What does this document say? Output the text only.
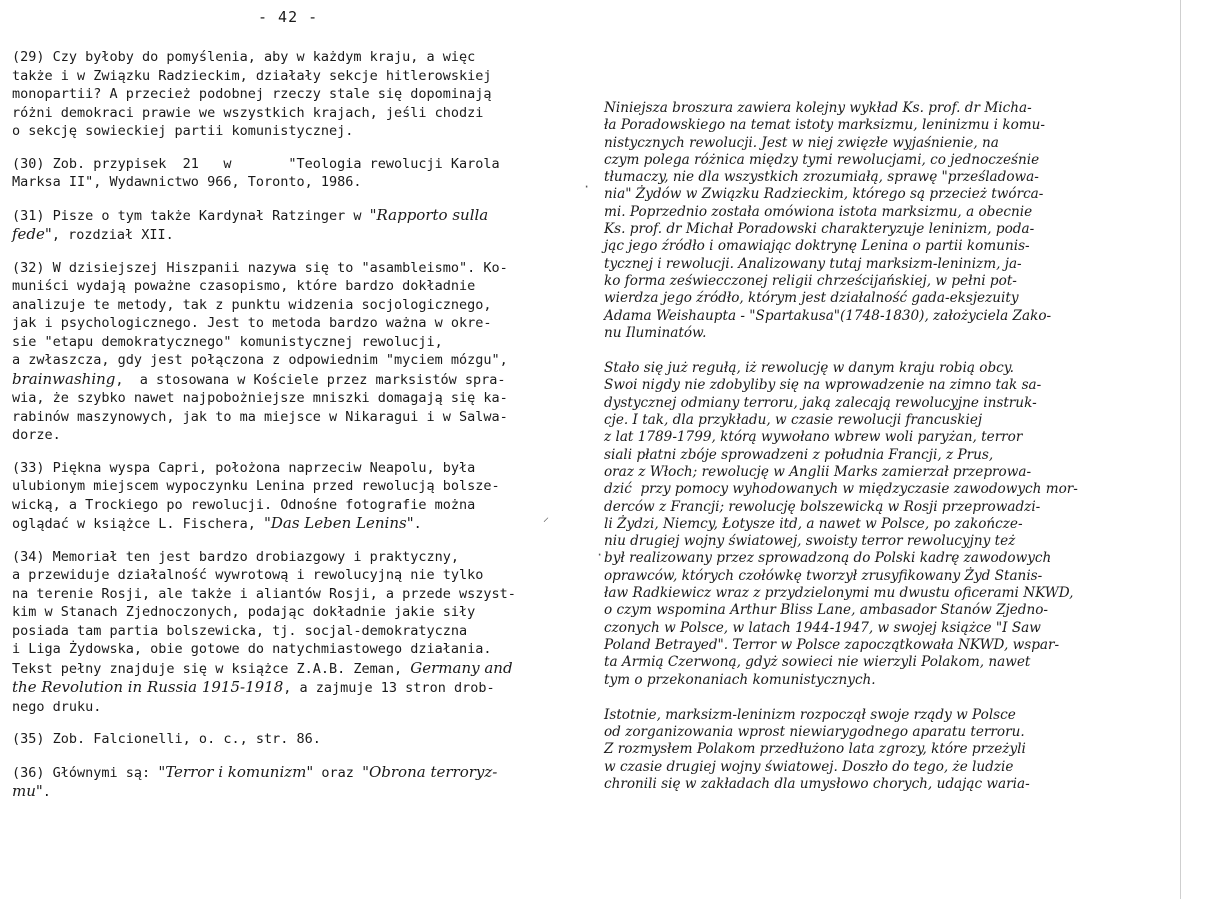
- 42 -

(29) Czy byłoby do pomyślenia, aby w każdym kraju, a więc
także i w Związku Radzieckim, działały sekcje hitlerowskiej
monopartii? A przecież podobnej rzeczy stale się dopominają
różni demokraci prawie we wszystkich krajach, jeśli chodzi
o sekcję sowieckiej partii komunistycznej.

(30) Zob. przypisek  21   w       "Teologia rewolucji Karola
Marksa II", Wydawnictwo 966, Toronto, 1986.

(31) Pisze o tym także Kardynał Ratzinger w "Rapporto sulla
fede", rozdział XII.

(32) W dzisiejszej Hiszpanii nazywa się to "asambleismo". Ko-
muniści wydają poważne czasopismo, które bardzo dokładnie
analizuje te metody, tak z punktu widzenia socjologicznego,
jak i psychologicznego. Jest to metoda bardzo ważna w okre-
sie "etapu demokratycznego" komunistycznej rewolucji,
a zwłaszcza, gdy jest połączona z odpowiednim "myciem mózgu",
brainwashing,  a stosowana w Kościele przez marksistów spra-
wia, że szybko nawet najpobożniejsze mniszki domagają się ka-
rabinów maszynowych, jak to ma miejsce w Nikaragui i w Salwa-
dorze.

(33) Piękna wyspa Capri, położona naprzeciw Neapolu, była
ulubionym miejscem wypoczynku Lenina przed rewolucją bolsze-
wicką, a Trockiego po rewolucji. Odnośne fotografie można
oglądać w książce L. Fischera, "Das Leben Lenins".

(34) Memoriał ten jest bardzo drobiazgowy i praktyczny,
a przewiduje działalność wywrotową i rewolucyjną nie tylko
na terenie Rosji, ale także i aliantów Rosji, a przede wszyst-
kim w Stanach Zjednoczonych, podając dokładnie jakie siły
posiada tam partia bolszewicka, tj. socjal-demokratyczna
i Liga Żydowska, obie gotowe do natychmiastowego działania.
Tekst pełny znajduje się w książce Z.A.B. Zeman, Germany and
the Revolution in Russia 1915-1918, a zajmuje 13 stron drob-
nego druku.

(35) Zob. Falcionelli, o. c., str. 86.

(36) Głównymi są: "Terror i komunizm" oraz "Obrona terroryz-
mu".

Niniejsza broszura zawiera kolejny wykład Ks. prof. dr Micha-
ła Poradowskiego na temat istoty marksizmu, leninizmu i komu-
nistycznych rewolucji. Jest w niej zwięzłe wyjaśnienie, na
czym polega różnica między tymi rewolucjami, co jednocześnie
tłumaczy, nie dla wszystkich zrozumiałą, sprawę "prześladowa-
nia" Żydów w Związku Radzieckim, którego są przecież twórca-
mi. Poprzednio została omówiona istota marksizmu, a obecnie
Ks. prof. dr Michał Poradowski charakteryzuje leninizm, poda-
jąc jego źródło i omawiając doktrynę Lenina o partii komunis-
tycznej i rewolucji. Analizowany tutaj marksizm-leninizm, ja-
ko forma zeświecczonej religii chrześcijańskiej, w pełni pot-
wierdza jego źródło, którym jest działalność gada-eksjezuity
Adama Weishaupta - "Spartakusa"(1748-1830), założyciela Zako-
nu Iluminatów.

Stało się już regułą, iż rewolucję w danym kraju robią obcy.
Swoi nigdy nie zdobyliby się na wprowadzenie na zimno tak sa-
dystycznej odmiany terroru, jaką zalecają rewolucyjne instruk-
cje. I tak, dla przykładu, w czasie rewolucji francuskiej
z lat 1789-1799, którą wywołano wbrew woli paryżan, terror
siali płatni zbóje sprowadzeni z południa Francji, z Prus,
oraz z Włoch; rewolucję w Anglii Marks zamierzał przeprowa-
dzić  przy pomocy wyhodowanych w międzyczasie zawodowych mor-
derców z Francji; rewolucję bolszewicką w Rosji przeprowadzi-
li Żydzi, Niemcy, Łotysze itd, a nawet w Polsce, po zakończe-
niu drugiej wojny światowej, swoisty terror rewolucyjny też
był realizowany przez sprowadzoną do Polski kadrę zawodowych
oprawców, których czołówkę tworzył zrusyfikowany Żyd Stanis-
ław Radkiewicz wraz z przydzielonymi mu dwustu oficerami NKWD,
o czym wspomina Arthur Bliss Lane, ambasador Stanów Zjedno-
czonych w Polsce, w latach 1944-1947, w swojej książce "I Saw
Poland Betrayed". Terror w Polsce zapoczątkowała NKWD, wspar-
ta Armią Czerwoną, gdyż sowieci nie wierzyli Polakom, nawet
tym o przekonaniach komunistycznych.

Istotnie, marksizm-leninizm rozpoczął swoje rządy w Polsce
od zorganizowania wprost niewiarygodnego aparatu terroru.
Z rozmysłem Polakom przedłużono lata zgrozy, które przeżyli
w czasie drugiej wojny światowej. Doszło do tego, że ludzie
chronili się w zakładach dla umysłowo chorych, udając waria-

·
·
⸝
